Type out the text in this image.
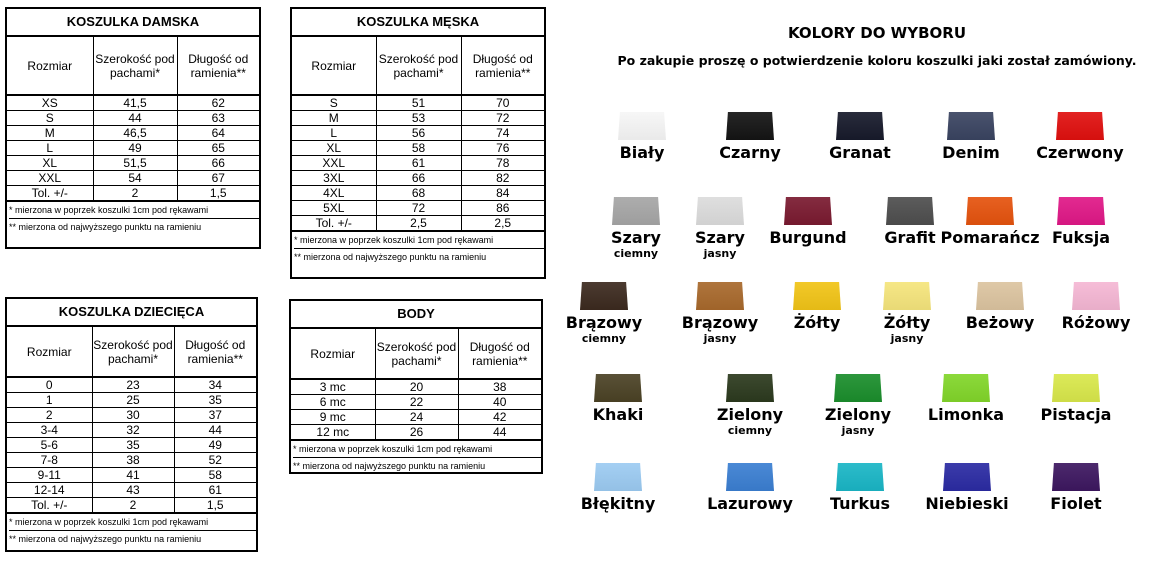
KOSZULKA DAMSKA
Rozmiar	Szerokość pod pachami*	Długość od ramienia**
XS	41,5	62
S	44	63
M	46,5	64
L	49	65
XL	51,5	66
XXL	54	67
Tol. +/-	2	1,5
* mierzona w poprzek koszulki 1cm pod rękawami
** mierzona od najwyższego punktu na ramieniu
KOSZULKA MĘSKA
Rozmiar	Szerokość pod pachami*	Długość od ramienia**
S	51	70
M	53	72
L	56	74
XL	58	76
XXL	61	78
3XL	66	82
4XL	68	84
5XL	72	86
Tol. +/-	2,5	2,5
* mierzona w poprzek koszulki 1cm pod rękawami
** mierzona od najwyższego punktu na ramieniu
KOSZULKA DZIECIĘCA
Rozmiar	Szerokość pod pachami*	Długość od ramienia**
0	23	34
1	25	35
2	30	37
3-4	32	44
5-6	35	49
7-8	38	52
9-11	41	58
12-14	43	61
Tol. +/-	2	1,5
* mierzona w poprzek koszulki 1cm pod rękawami
** mierzona od najwyższego punktu na ramieniu
BODY
Rozmiar	Szerokość pod pachami*	Długość od ramienia**
3 mc	20	38
6 mc	22	40
9 mc	24	42
12 mc	26	44
* mierzona w poprzek koszulki 1cm pod rękawami
** mierzona od najwyższego punktu na ramieniu
KOLORY DO WYBORU
Po zakupie proszę o potwierdzenie koloru koszulki jaki został zamówiony.
Biały	Czarny	Granat	Denim	Czerwony
Szary
ciemny
Szary
jasny
Burgund	Grafit Pomarańcz Fuksja
Brązowy
ciemny
Brązowy
jasny
Żółty	Żółty
jasny
Beżowy	Różowy
Khaki	Zielony
ciemny
Zielony
jasny
Limonka	Pistacja
Błękitny	Lazurowy	Turkus	Niebieski	Fiolet
